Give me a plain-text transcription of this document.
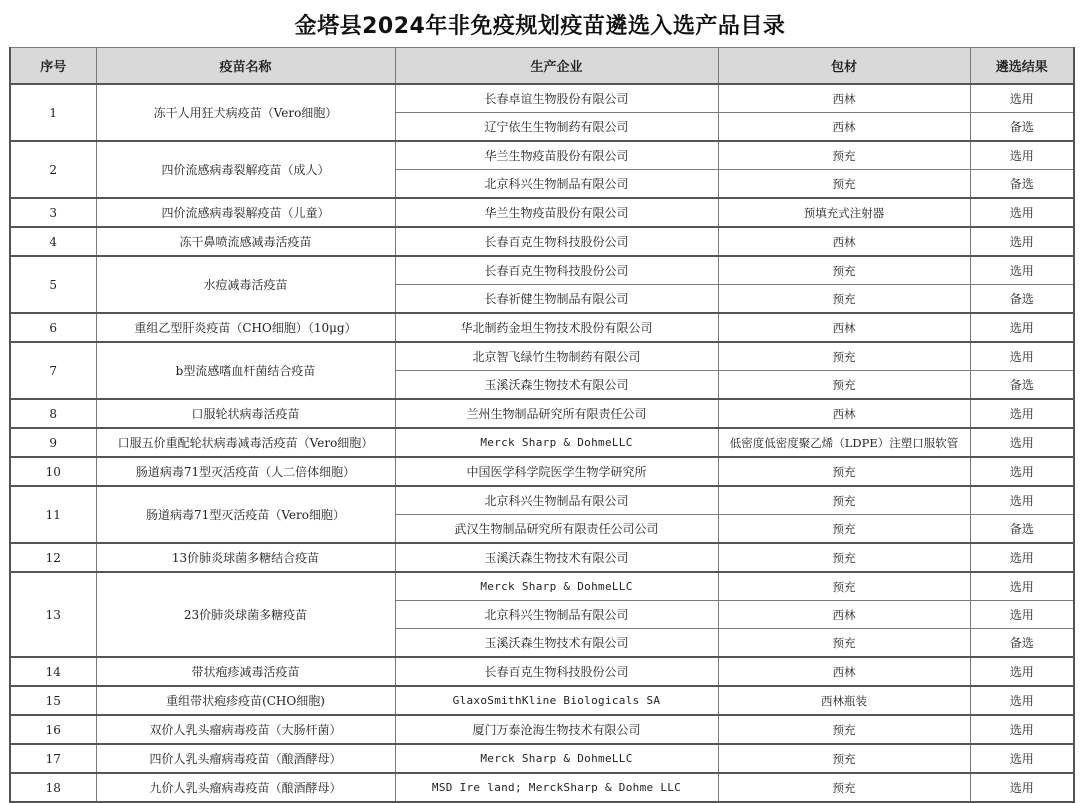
金塔县2024年非免疫规划疫苗遴选入选产品目录
序号	疫苗名称	生产企业	包材	遴选结果
1	冻干人用狂犬病疫苗（Vero细胞）	长春卓谊生物股份有限公司	西林	选用
		辽宁依生生物制药有限公司	西林	备选
2	四价流感病毒裂解疫苗（成人）	华兰生物疫苗股份有限公司	预充	选用
		北京科兴生物制品有限公司	预充	备选
3	四价流感病毒裂解疫苗（儿童）	华兰生物疫苗股份有限公司	预填充式注射器	选用
4	冻干鼻喷流感减毒活疫苗	长春百克生物科技股份公司	西林	选用
5	水痘减毒活疫苗	长春百克生物科技股份公司	预充	选用
		长春祈健生物制品有限公司	预充	备选
6	重组乙型肝炎疫苗（CHO细胞）（10μg）	华北制药金坦生物技术股份有限公司	西林	选用
7	b型流感嗜血杆菌结合疫苗	北京智飞绿竹生物制药有限公司	预充	选用
		玉溪沃森生物技术有限公司	预充	备选
8	口服轮状病毒活疫苗	兰州生物制品研究所有限责任公司	西林	选用
9	口服五价重配轮状病毒减毒活疫苗（Vero细胞）	Merck Sharp & DohmeLLC	低密度低密度聚乙烯（LDPE）注塑口服软管	选用
10	肠道病毒71型灭活疫苗（人二倍体细胞）	中国医学科学院医学生物学研究所	预充	选用
11	肠道病毒71型灭活疫苗（Vero细胞）	北京科兴生物制品有限公司	预充	选用
		武汉生物制品研究所有限责任公司公司	预充	备选
12	13价肺炎球菌多糖结合疫苗	玉溪沃森生物技术有限公司	预充	选用
13	23价肺炎球菌多糖疫苗	Merck Sharp & DohmeLLC	预充	选用
		北京科兴生物制品有限公司	西林	选用
		玉溪沃森生物技术有限公司	预充	备选
14	带状疱疹减毒活疫苗	长春百克生物科技股份公司	西林	选用
15	重组带状疱疹疫苗(CHO细胞)	GlaxoSmithKline Biologicals SA	西林瓶装	选用
16	双价人乳头瘤病毒疫苗（大肠杆菌）	厦门万泰沧海生物技术有限公司	预充	选用
17	四价人乳头瘤病毒疫苗（酿酒酵母）	Merck Sharp & DohmeLLC	预充	选用
18	九价人乳头瘤病毒疫苗（酿酒酵母）	MSD Ire land; MerckSharp & Dohme LLC	预充	选用
